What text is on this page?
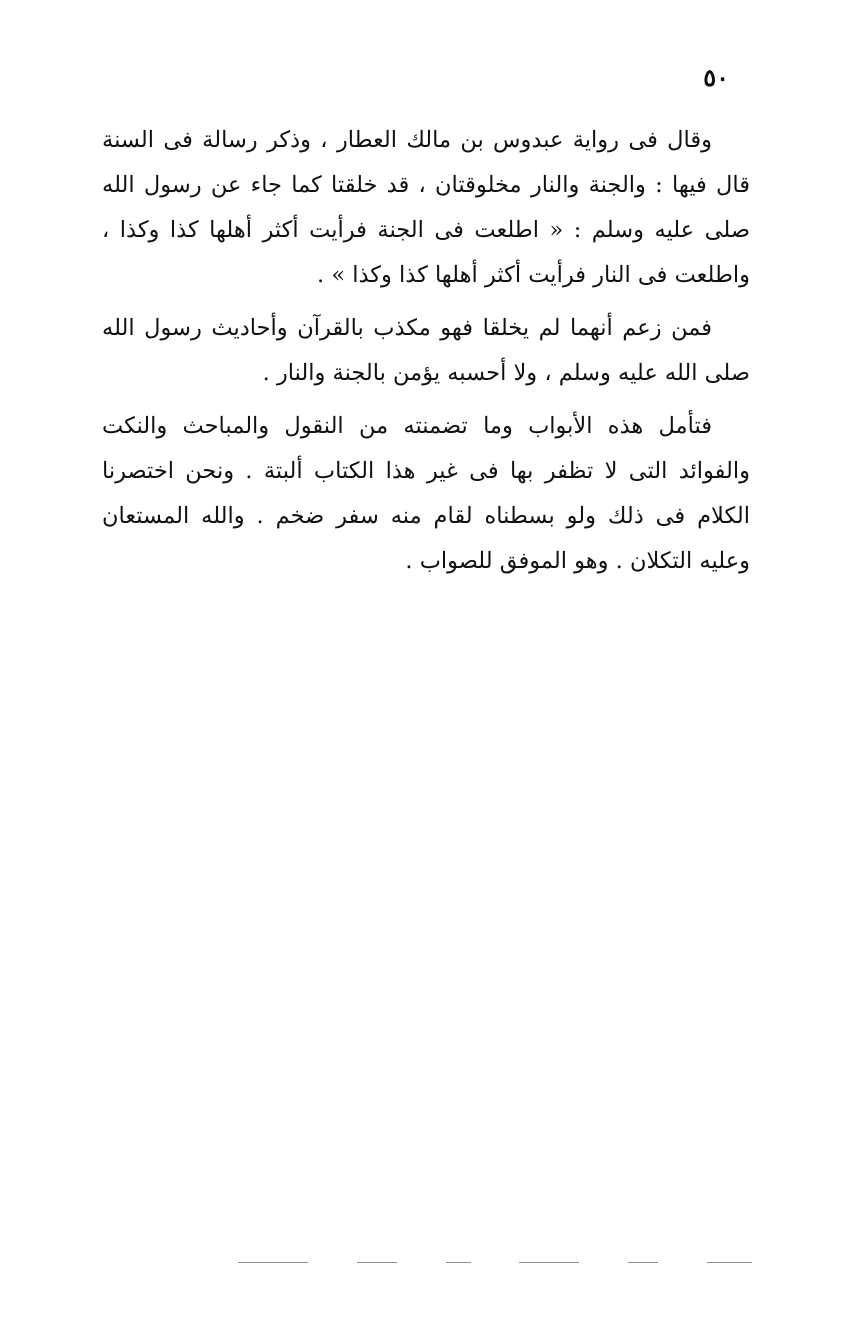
٥٠

وقال فى رواية عبدوس بن مالك العطار ، وذكر رسالة فى السنة قال فيها : والجنة والنار مخلوقتان ، قد خلقتا كما جاء عن رسول الله صلى عليه وسلم : « اطلعت فى الجنة فرأيت أكثر أهلها كذا وكذا ، واطلعت فى النار فرأيت أكثر أهلها كذا وكذا » .

فمن زعم أنهما لم يخلقا فهو مكذب بالقرآن وأحاديث رسول الله صلى الله عليه وسلم ، ولا أحسبه يؤمن بالجنة والنار .

فتأمل هذه الأبواب وما تضمنته من النقول والمباحث والنكت والفوائد التى لا تظفر بها فى غير هذا الكتاب ألبتة . ونحن اختصرنا الكلام فى ذلك ولو بسطناه لقام منه سفر ضخم . والله المستعان وعليه التكلان . وهو الموفق للصواب .
